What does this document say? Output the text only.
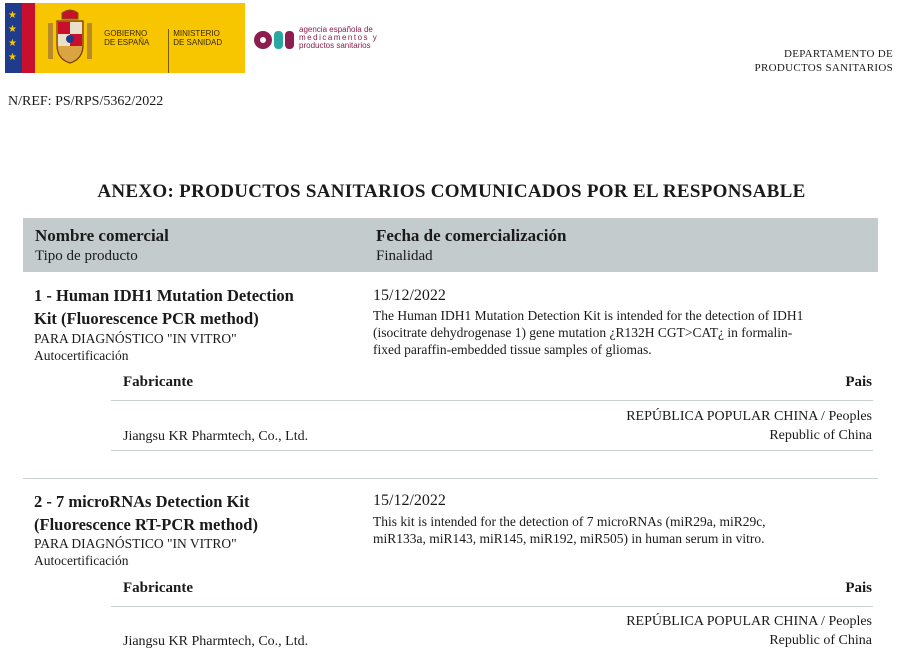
★
★
★
★
GOBIERNO
DE ESPAÑA
MINISTERIO
DE SANIDAD
agencia española de
medicamentos y
productos sanitarios
DEPARTAMENTO DE
PRODUCTOS SANITARIOS
N/REF: PS/RPS/5362/2022
ANEXO: PRODUCTOS SANITARIOS COMUNICADOS POR EL RESPONSABLE
Nombre comercial
Tipo de producto
Fecha de comercialización
Finalidad
1 - Human IDH1 Mutation Detection
Kit (Fluorescence PCR method)
PARA DIAGNÓSTICO "IN VITRO"
Autocertificación
15/12/2022
The Human IDH1 Mutation Detection Kit is intended for the detection of IDH1
(isocitrate dehydrogenase 1) gene mutation ¿R132H CGT>CAT¿ in formalin-
fixed paraffin-embedded tissue samples of gliomas.
Fabricante	Pais
Jiangsu KR Pharmtech, Co., Ltd.
REPÚBLICA POPULAR CHINA / Peoples
Republic of China
2 - 7 microRNAs Detection Kit
(Fluorescence RT-PCR method)
PARA DIAGNÓSTICO "IN VITRO"
Autocertificación
15/12/2022
This kit is intended for the detection of 7 microRNAs (miR29a, miR29c,
miR133a, miR143, miR145, miR192, miR505) in human serum in vitro.
Fabricante	Pais
Jiangsu KR Pharmtech, Co., Ltd.
REPÚBLICA POPULAR CHINA / Peoples
Republic of China
